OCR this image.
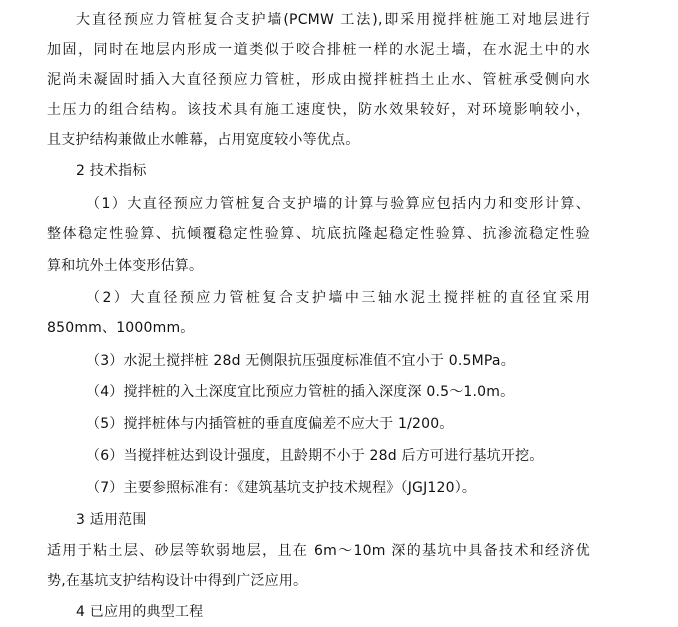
大直径预应力管桩复合支护墙(PCMW 工法),即采用搅拌桩施工对地层进行
加固，同时在地层内形成一道类似于咬合排桩一样的水泥土墙，在水泥土中的水
泥尚未凝固时插入大直径预应力管桩，形成由搅拌桩挡土止水、管桩承受侧向水
土压力的组合结构。该技术具有施工速度快，防水效果较好，对环境影响较小，
且支护结构兼做止水帷幕，占用宽度较小等优点。
2 技术指标
（1）大直径预应力管桩复合支护墙的计算与验算应包括内力和变形计算、
整体稳定性验算、抗倾覆稳定性验算、坑底抗隆起稳定性验算、抗渗流稳定性验
算和坑外土体变形估算。
（2）大直径预应力管桩复合支护墙中三轴水泥土搅拌桩的直径宜采用
850mm、1000mm。
（3）水泥土搅拌桩 28d 无侧限抗压强度标准值不宜小于 0.5MPa。
（4）搅拌桩的入土深度宜比预应力管桩的插入深度深 0.5～1.0m。
（5）搅拌桩体与内插管桩的垂直度偏差不应大于 1/200。
（6）当搅拌桩达到设计强度，且龄期不小于 28d 后方可进行基坑开挖。
（7）主要参照标准有：《建筑基坑支护技术规程》（JGJ120）。
3 适用范围
适用于粘土层、砂层等软弱地层，且在 6m～10m 深的基坑中具备技术和经济优
势,在基坑支护结构设计中得到广泛应用。
4 已应用的典型工程
